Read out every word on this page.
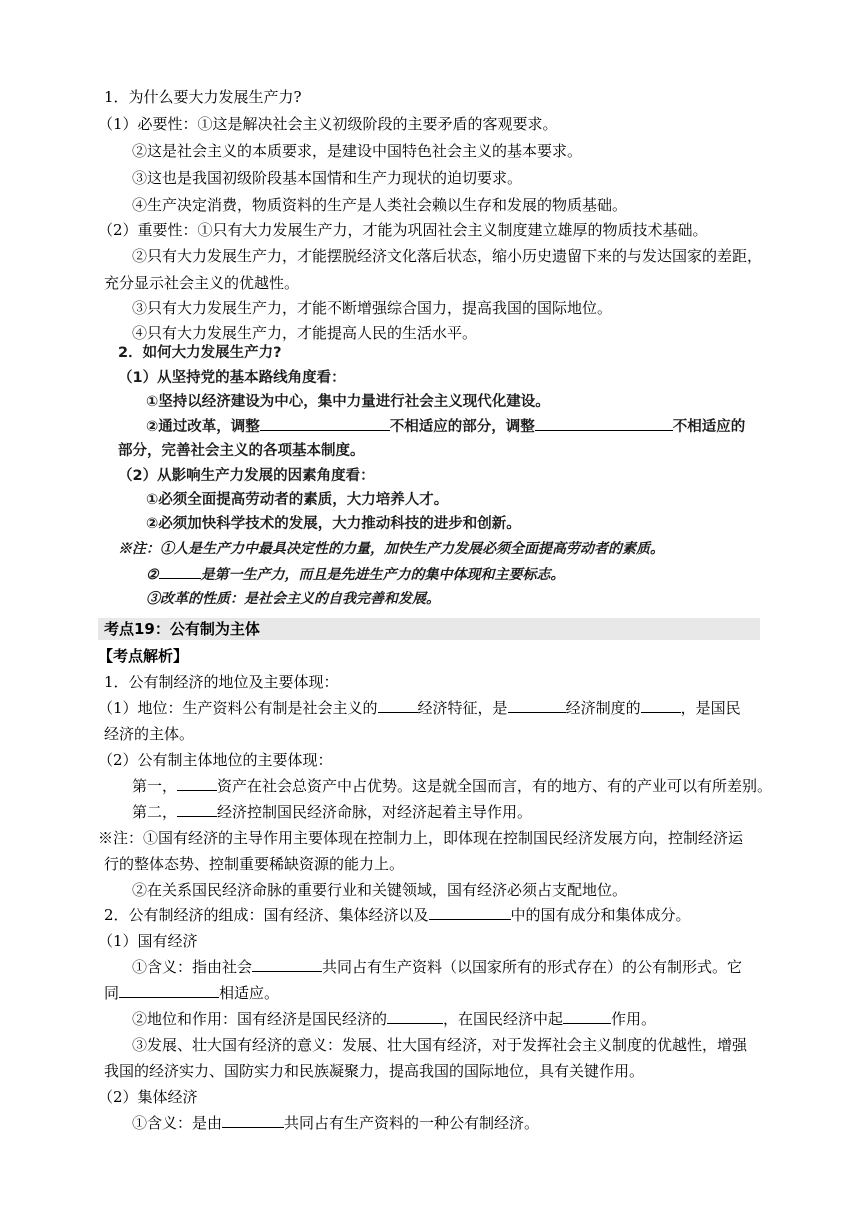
1．为什么要大力发展生产力?
（1）必要性：①这是解决社会主义初级阶段的主要矛盾的客观要求。
②这是社会主义的本质要求，是建设中国特色社会主义的基本要求。
③这也是我国初级阶段基本国情和生产力现状的迫切要求。
④生产决定消费，物质资料的生产是人类社会赖以生存和发展的物质基础。
（2）重要性：①只有大力发展生产力，才能为巩固社会主义制度建立雄厚的物质技术基础。
②只有大力发展生产力，才能摆脱经济文化落后状态，缩小历史遗留下来的与发达国家的差距，
充分显示社会主义的优越性。
③只有大力发展生产力，才能不断增强综合国力，提高我国的国际地位。
④只有大力发展生产力，才能提高人民的生活水平。
2．如何大力发展生产力?
（1）从坚持党的基本路线角度看：
①坚持以经济建设为中心，集中力量进行社会主义现代化建设。
②通过改革，调整	不相适应的部分，调整	不相适应的
部分，完善社会主义的各项基本制度。
（2）从影响生产力发展的因素角度看：
①必须全面提高劳动者的素质，大力培养人才。
②必须加快科学技术的发展，大力推动科技的进步和创新。
※注：①人是生产力中最具决定性的力量，加快生产力发展必须全面提高劳动者的素质。
②	是第一生产力，而且是先进生产力的集中体现和主要标志。
③改革的性质：是社会主义的自我完善和发展。
考点19：公有制为主体
【考点解析】
1．公有制经济的地位及主要体现：
（1）地位：生产资料公有制是社会主义的	经济特征，是	经济制度的	，是国民
经济的主体。
（2）公有制主体地位的主要体现：
第一，	资产在社会总资产中占优势。这是就全国而言，有的地方、有的产业可以有所差别。
第二，	经济控制国民经济命脉，对经济起着主导作用。
※注：①国有经济的主导作用主要体现在控制力上，即体现在控制国民经济发展方向，控制经济运
行的整体态势、控制重要稀缺资源的能力上。
②在关系国民经济命脉的重要行业和关键领域，国有经济必须占支配地位。
2．公有制经济的组成：国有经济、集体经济以及	中的国有成分和集体成分。
（1）国有经济
①含义：指由社会	共同占有生产资料（以国家所有的形式存在）的公有制形式。它
同	相适应。
②地位和作用：国有经济是国民经济的	，在国民经济中起	作用。
③发展、壮大国有经济的意义：发展、壮大国有经济，对于发挥社会主义制度的优越性，增强
我国的经济实力、国防实力和民族凝聚力，提高我国的国际地位，具有关键作用。
（2）集体经济
①含义：是由	共同占有生产资料的一种公有制经济。
